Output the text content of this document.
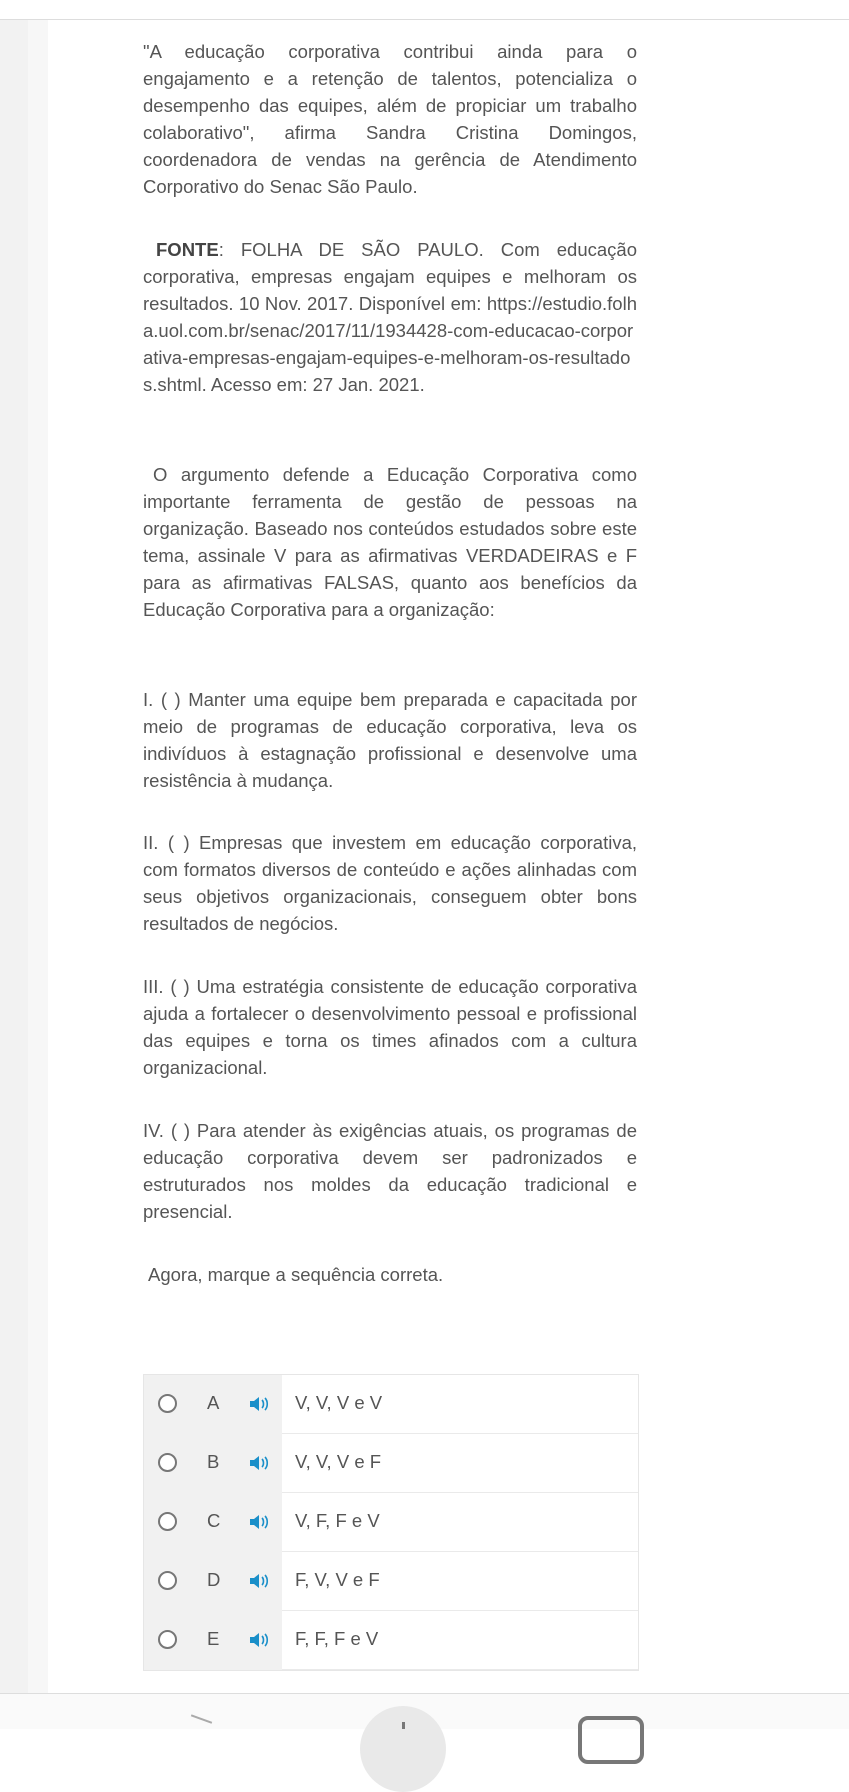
"A educação corporativa contribui ainda para o engajamento e a retenção de talentos, potencializa o desempenho das equipes, além de propiciar um trabalho colaborativo", afirma Sandra Cristina Domingos, coordenadora de vendas na gerência de Atendimento Corporativo do Senac São Paulo.

FONTE: FOLHA DE SÃO PAULO. Com educação corporativa, empresas engajam equipes e melhoram os resultados. 10 Nov. 2017. Disponível em: https://estudio.folha.uol.com.br/senac/2017/11/1934428-com-educacao-corporativa-empresas-engajam-equipes-e-melhoram-os-resultados.shtml. Acesso em: 27 Jan. 2021.

O argumento defende a Educação Corporativa como importante ferramenta de gestão de pessoas na organização. Baseado nos conteúdos estudados sobre este tema, assinale V para as afirmativas VERDADEIRAS e F para as afirmativas FALSAS, quanto aos benefícios da Educação Corporativa para a organização:

I. ( ) Manter uma equipe bem preparada e capacitada por meio de programas de educação corporativa, leva os indivíduos à estagnação profissional e desenvolve uma resistência à mudança.

II. ( ) Empresas que investem em educação corporativa, com formatos diversos de conteúdo e ações alinhadas com seus objetivos organizacionais, conseguem obter bons resultados de negócios.

III. ( ) Uma estratégia consistente de educação corporativa ajuda a fortalecer o desenvolvimento pessoal e profissional das equipes e torna os times afinados com a cultura organizacional.

IV. ( ) Para atender às exigências atuais, os programas de educação corporativa devem ser padronizados e estruturados nos moldes da educação tradicional e presencial.

Agora, marque a sequência correta.

A	V, V, V e V
B	V, V, V e F
C	V, F, F e V
D	F, V, V e F
E	F, F, F e V
